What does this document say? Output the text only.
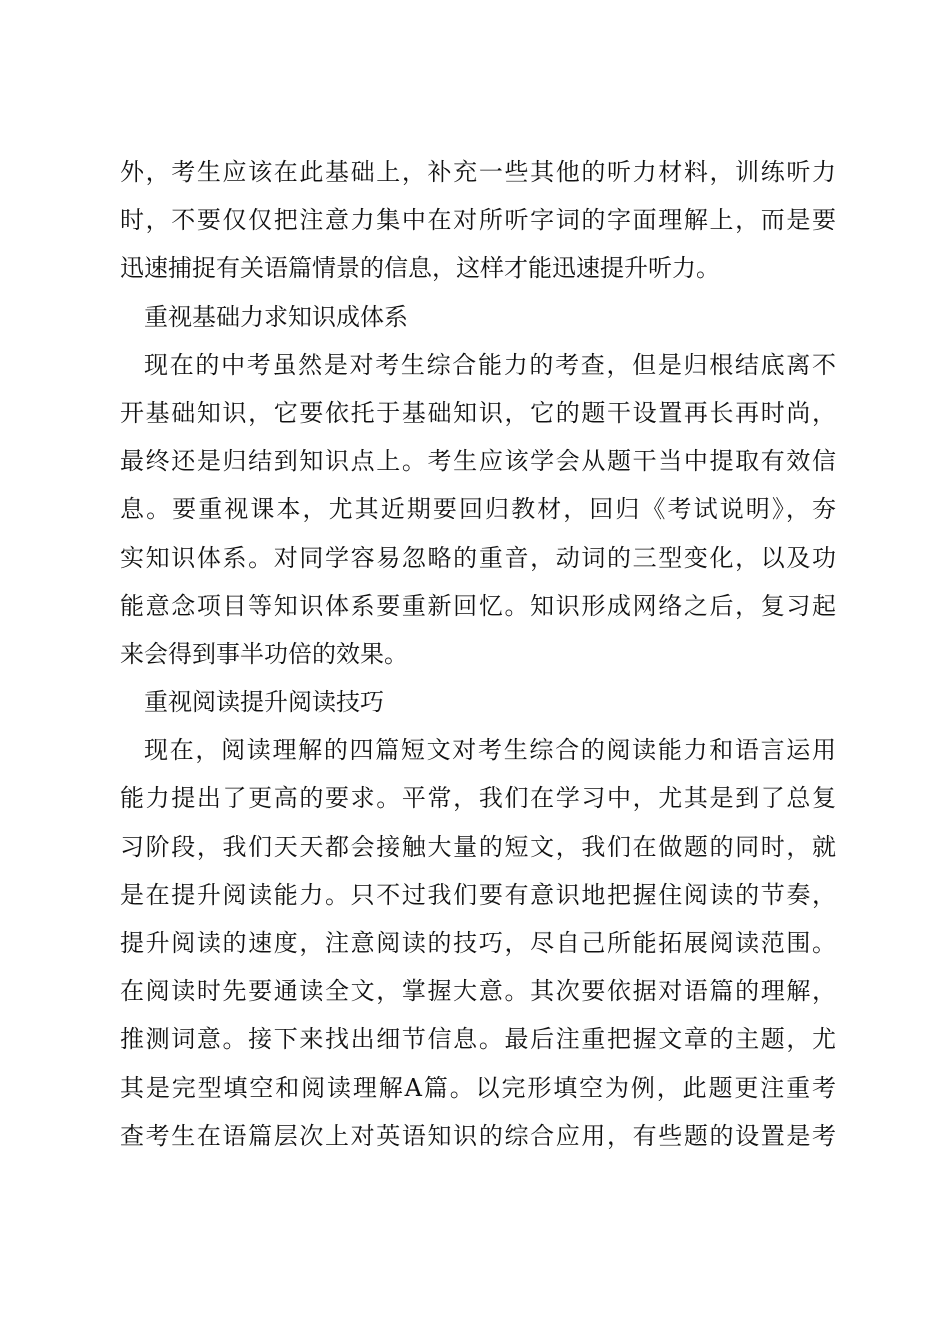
外，考生应该在此基础上，补充一些其他的听力材料，训练听力
时，不要仅仅把注意力集中在对所听字词的字面理解上，而是要
迅速捕捉有关语篇情景的信息，这样才能迅速提升听力。
重视基础力求知识成体系
现在的中考虽然是对考生综合能力的考查，但是归根结底离不
开基础知识，它要依托于基础知识，它的题干设置再长再时尚，
最终还是归结到知识点上。考生应该学会从题干当中提取有效信
息。要重视课本，尤其近期要回归教材，回归《考试说明》，夯
实知识体系。对同学容易忽略的重音，动词的三型变化，以及功
能意念项目等知识体系要重新回忆。知识形成网络之后，复习起
来会得到事半功倍的效果。
重视阅读提升阅读技巧
现在，阅读理解的四篇短文对考生综合的阅读能力和语言运用
能力提出了更高的要求。平常，我们在学习中，尤其是到了总复
习阶段，我们天天都会接触大量的短文，我们在做题的同时，就
是在提升阅读能力。只不过我们要有意识地把握住阅读的节奏，
提升阅读的速度，注意阅读的技巧，尽自己所能拓展阅读范围。
在阅读时先要通读全文，掌握大意。其次要依据对语篇的理解，
推测词意。接下来找出细节信息。最后注重把握文章的主题，尤
其是完型填空和阅读理解A篇。以完形填空为例，此题更注重考
查考生在语篇层次上对英语知识的综合应用，有些题的设置是考
